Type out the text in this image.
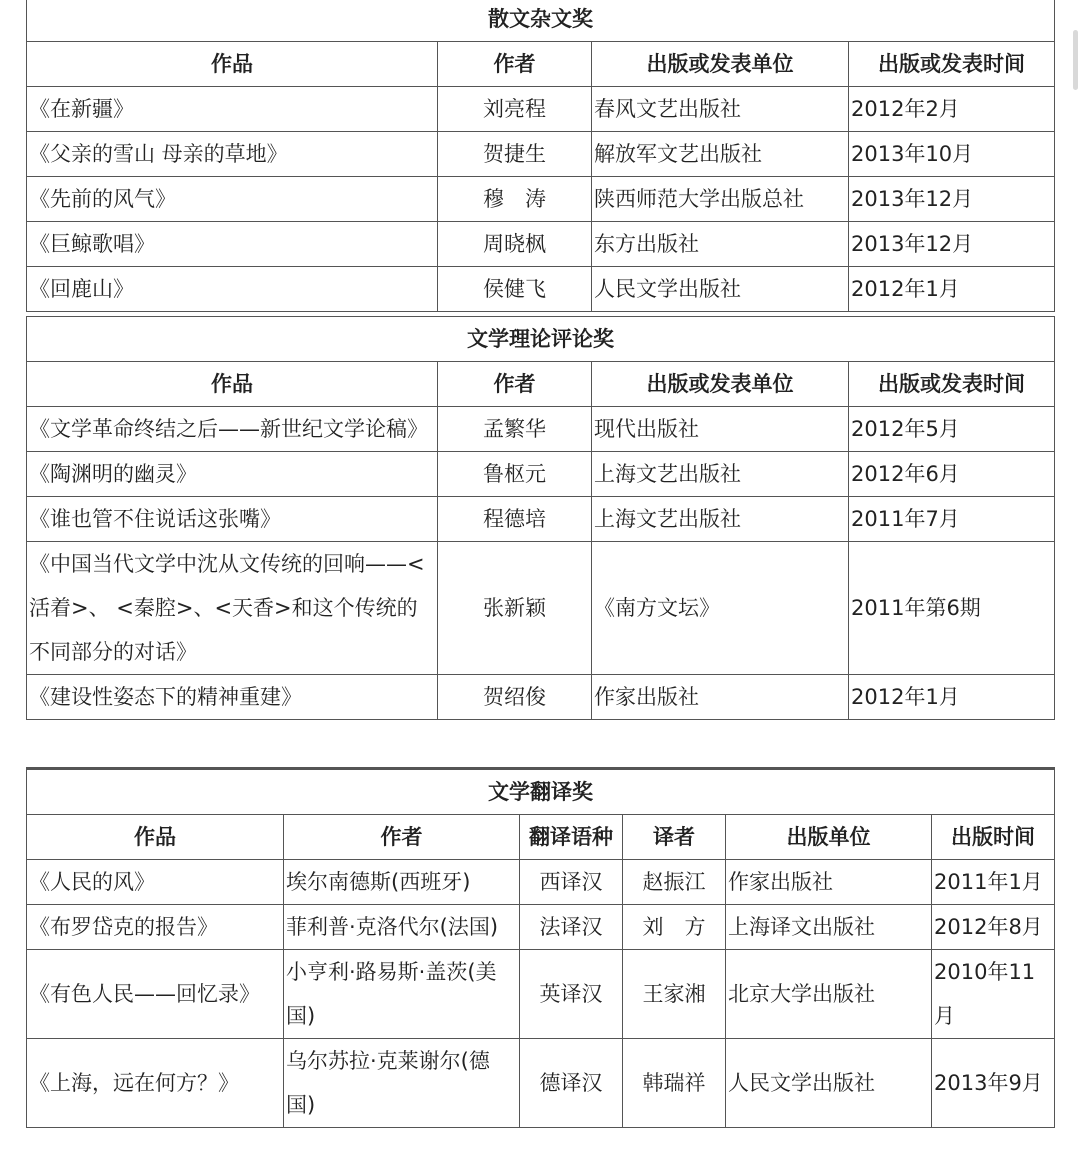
散文杂文奖			
作品	作者	出版或发表单位	出版或发表时间
《在新疆》	刘亮程	春风文艺出版社	2012年2月
《父亲的雪山 母亲的草地》	贺捷生	解放军文艺出版社	2013年10月
《先前的风气》	穆　涛	陕西师范大学出版总社	2013年12月
《巨鲸歌唱》	周晓枫	东方出版社	2013年12月
《回鹿山》	侯健飞	人民文学出版社	2012年1月
文学理论评论奖			
作品	作者	出版或发表单位	出版或发表时间
《文学革命终结之后——新世纪文学论稿》	孟繁华	现代出版社	2012年5月
《陶渊明的幽灵》	鲁枢元	上海文艺出版社	2012年6月
《谁也管不住说话这张嘴》	程德培	上海文艺出版社	2011年7月
《中国当代文学中沈从文传统的回响——<活着>、 <秦腔>、<天香>和这个传统的不同部分的对话》	张新颖	《南方文坛》	2011年第6期
《建设性姿态下的精神重建》	贺绍俊	作家出版社	2012年1月
文学翻译奖					
作品	作者	翻译语种	译者	出版单位	出版时间
《人民的风》	埃尔南德斯(西班牙)	西译汉	赵振江	作家出版社	2011年1月
《布罗岱克的报告》	菲利普·克洛代尔(法国)	法译汉	刘　方	上海译文出版社	2012年8月
《有色人民——回忆录》	小亨利·路易斯·盖茨(美国)	英译汉	王家湘	北京大学出版社	2010年11月
《上海，远在何方？》	乌尔苏拉·克莱谢尔(德国)	德译汉	韩瑞祥	人民文学出版社	2013年9月
